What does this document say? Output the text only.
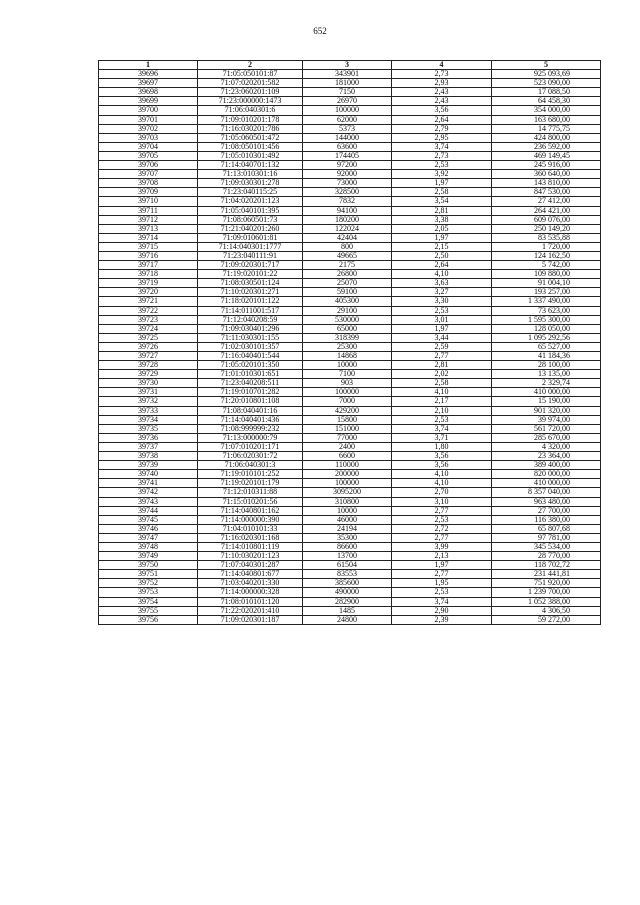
652
1	2	3	4	5
39696	71:05:050101:87	343901	2,73	925 093,69
39697	71:07:020201:582	181000	2,93	523 090,00
39698	71:23:060201:109	7150	2,43	17 088,50
39699	71:23:000000:1473	26970	2,43	64 458,30
39700	71:06:040301:6	100000	3,56	354 000,00
39701	71:09:010201:178	62000	2,64	163 680,00
39702	71:16:030201:786	5373	2,79	14 775,75
39703	71:05:060501:472	144000	2,95	424 800,00
39704	71:08:050101:456	63600	3,74	236 592,00
39705	71:05:010301:492	174405	2,73	469 149,45
39706	71:14:040701:132	97200	2,53	245 916,00
39707	71:13:010301:16	92000	3,92	360 640,00
39708	71:09:030301:278	73000	1,97	143 810,00
39709	71:23:040115:25	328500	2,58	847 530,00
39710	71:04:020201:123	7832	3,54	27 412,00
39711	71:05:040101:395	94100	2,81	264 421,00
39712	71:08:060501:73	180200	3,38	609 076,00
39713	71:21:040201:260	122024	2,05	250 149,20
39714	71:09:010601:81	42404	1,97	83 535,88
39715	71:14:040301:1777	800	2,15	1 720,00
39716	71:23:040111:91	49665	2,50	124 162,50
39717	71:09:020301:717	2175	2,64	5 742,00
39718	71:19:020101:22	26800	4,10	109 880,00
39719	71:08:030501:124	25070	3,63	91 004,10
39720	71:10:020301:271	59100	3,27	193 257,00
39721	71:18:020101:122	405300	3,30	1 337 490,00
39722	71:14:011001:517	29100	2,53	73 623,00
39723	71:12:040208:59	530000	3,01	1 595 300,00
39724	71:09:030401:296	65000	1,97	128 050,00
39725	71:11:030301:155	318399	3,44	1 095 292,56
39726	71:02:030101:357	25300	2,59	65 527,00
39727	71:16:040401:544	14868	2,77	41 184,36
39728	71:05:020101:350	10000	2,81	28 100,00
39729	71:01:010301:651	7100	2,02	13 135,00
39730	71:23:040208:511	903	2,58	2 329,74
39731	71:19:010701:282	100000	4,10	410 000,00
39732	71:20:010801:108	7000	2,17	15 190,00
39733	71:08:040401:16	429200	2,10	901 320,00
39734	71:14:040401:436	15800	2,53	39 974,00
39735	71:08:999999:232	151000	3,74	561 720,00
39736	71:13:000000:79	77000	3,71	285 670,00
39737	71:07:010201:171	2400	1,80	4 320,00
39738	71:06:020301:72	6600	3,56	23 364,00
39739	71:06:040301:3	110000	3,56	389 400,00
39740	71:19:010101:252	200000	4,10	820 000,00
39741	71:19:020101:179	100000	4,10	410 000,00
39742	71:12:010311:88	3095200	2,70	8 357 040,00
39743	71:15:010201:56	310800	3,10	963 480,00
39744	71:14:040801:162	10000	2,77	27 700,00
39745	71:14:000000:390	46000	2,53	116 380,00
39746	71:04:010101:33	24194	2,72	65 807,68
39747	71:16:020301:168	35300	2,77	97 781,00
39748	71:14:010801:119	86600	3,99	345 534,00
39749	71:10:030201:123	13700	2,13	28 770,00
39750	71:07:040301:287	61504	1,97	118 702,72
39751	71:14:040801:677	83553	2,77	231 441,81
39752	71:03:040201:330	385600	1,95	751 920,00
39753	71:14:000000:328	490000	2,53	1 239 700,00
39754	71:08:010101:120	282900	3,74	1 052 388,00
39755	71:22:020201:410	1485	2,90	4 306,50
39756	71:09:020301:187	24800	2,39	59 272,00
